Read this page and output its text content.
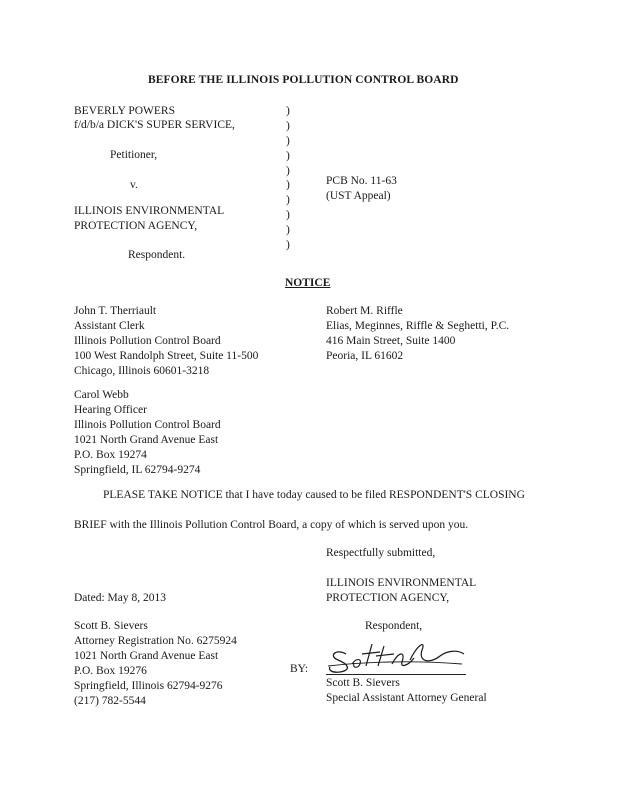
BEFORE THE ILLINOIS POLLUTION CONTROL BOARD
BEVERLY POWERS
f/d/b/a DICK'S SUPER SERVICE,
Petitioner,
v.
ILLINOIS ENVIRONMENTAL
PROTECTION AGENCY,
Respondent.
)
)
)
)
)
)
)
)
)
)
PCB No. 11-63
(UST Appeal)
NOTICE
John T. Therriault
Assistant Clerk
Illinois Pollution Control Board
100 West Randolph Street, Suite 11-500
Chicago, Illinois 60601-3218
Robert M. Riffle
Elias, Meginnes, Riffle & Seghetti, P.C.
416 Main Street, Suite 1400
Peoria, IL 61602
Carol Webb
Hearing Officer
Illinois Pollution Control Board
1021 North Grand Avenue East
P.O. Box 19274
Springfield, IL 62794-9274
PLEASE TAKE NOTICE that I have today caused to be filed RESPONDENT'S CLOSING
BRIEF with the Illinois Pollution Control Board, a copy of which is served upon you.
Respectfully submitted,
ILLINOIS ENVIRONMENTAL
PROTECTION AGENCY,
Dated: May 8, 2013
Respondent,
Scott B. Sievers
Attorney Registration No. 6275924
1021 North Grand Avenue East
P.O. Box 19276
Springfield, Illinois 62794-9276
(217) 782-5544
BY:
Scott B. Sievers
Special Assistant Attorney General
